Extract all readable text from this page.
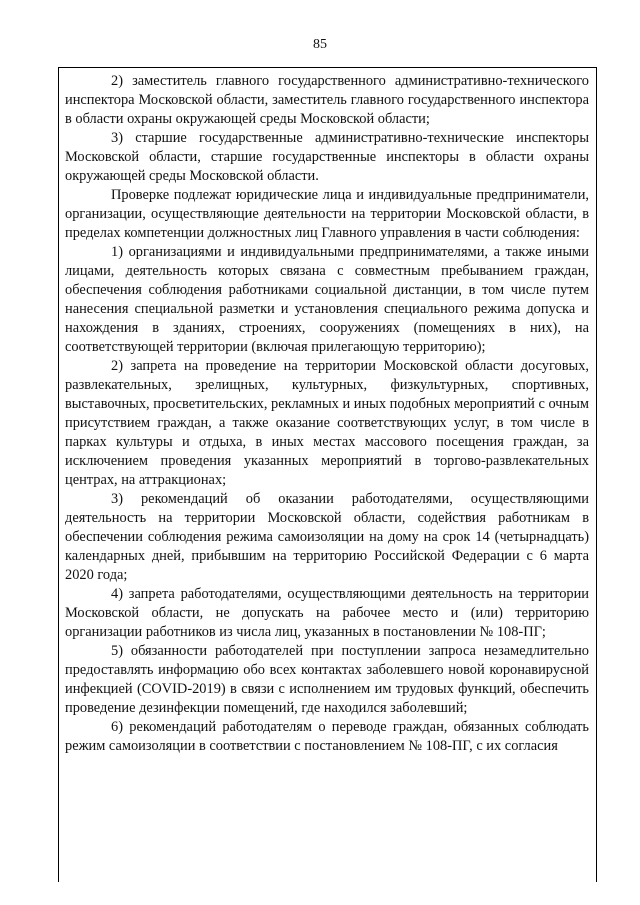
85

2) заместитель главного государственного административно-технического инспектора Московской области, заместитель главного государственного инспектора в области охраны окружающей среды Московской области;

3) старшие государственные административно-технические инспекторы Московской области, старшие государственные инспекторы в области охраны окружающей среды Московской области.

Проверке подлежат юридические лица и индивидуальные предприниматели, организации, осуществляющие деятельности на территории Московской области, в пределах компетенции должностных лиц Главного управления в части соблюдения:

1) организациями и индивидуальными предпринимателями, а также иными лицами, деятельность которых связана с совместным пребыванием граждан, обеспечения соблюдения работниками социальной дистанции, в том числе путем нанесения специальной разметки и установления специального режима допуска и нахождения в зданиях, строениях, сооружениях (помещениях в них), на соответствующей территории (включая прилегающую территорию);

2) запрета на проведение на территории Московской области досуговых, развлекательных, зрелищных, культурных, физкультурных, спортивных, выставочных, просветительских, рекламных и иных подобных мероприятий с очным присутствием граждан, а также оказание соответствующих услуг, в том числе в парках культуры и отдыха, в иных местах массового посещения граждан, за исключением проведения указанных мероприятий в торгово-развлекательных центрах, на аттракционах;

3) рекомендаций об оказании работодателями, осуществляющими деятельность на территории Московской области, содействия работникам в обеспечении соблюдения режима самоизоляции на дому на срок 14 (четырнадцать) календарных дней, прибывшим на территорию Российской Федерации с 6 марта 2020 года;

4) запрета работодателями, осуществляющими деятельность на территории Московской области, не допускать на рабочее место и (или) территорию организации работников из числа лиц, указанных в постановлении № 108-ПГ;

5) обязанности работодателей при поступлении запроса незамедлительно предоставлять информацию обо всех контактах заболевшего новой коронавирусной инфекцией (COVID-2019) в связи с исполнением им трудовых функций, обеспечить проведение дезинфекции помещений, где находился заболевший;

6) рекомендаций работодателям о переводе граждан, обязанных соблюдать режим самоизоляции в соответствии с постановлением № 108-ПГ, с их согласия
